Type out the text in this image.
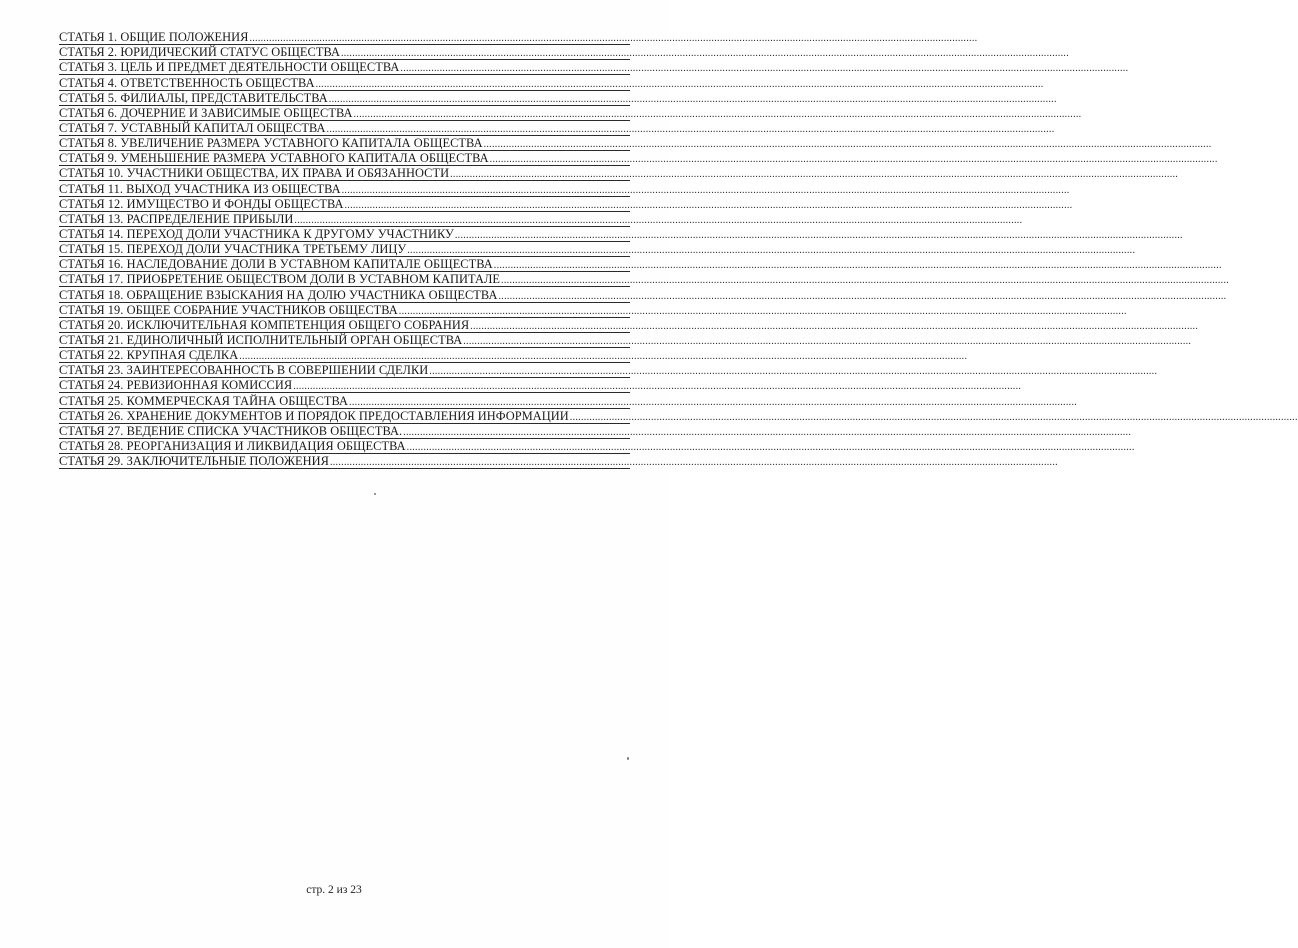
СТАТЬЯ 1. ОБЩИЕ ПОЛОЖЕНИЯ ....................................................................................................................................................................................................................................................................
СТАТЬЯ 2. ЮРИДИЧЕСКИЙ СТАТУС ОБЩЕСТВА ....................................................................................................................................................................................................................................................................
СТАТЬЯ 3. ЦЕЛЬ И ПРЕДМЕТ ДЕЯТЕЛЬНОСТИ ОБЩЕСТВА ....................................................................................................................................................................................................................................................................
СТАТЬЯ 4. ОТВЕТСТВЕННОСТЬ ОБЩЕСТВА ....................................................................................................................................................................................................................................................................
СТАТЬЯ 5. ФИЛИАЛЫ, ПРЕДСТАВИТЕЛЬСТВА ....................................................................................................................................................................................................................................................................
СТАТЬЯ 6. ДОЧЕРНИЕ И ЗАВИСИМЫЕ ОБЩЕСТВА ....................................................................................................................................................................................................................................................................
СТАТЬЯ 7. УСТАВНЫЙ КАПИТАЛ ОБЩЕСТВА ....................................................................................................................................................................................................................................................................
СТАТЬЯ 8. УВЕЛИЧЕНИЕ РАЗМЕРА УСТАВНОГО КАПИТАЛА ОБЩЕСТВА ....................................................................................................................................................................................................................................................................
СТАТЬЯ 9. УМЕНЬШЕНИЕ РАЗМЕРА УСТАВНОГО КАПИТАЛА ОБЩЕСТВА ....................................................................................................................................................................................................................................................................
СТАТЬЯ 10. УЧАСТНИКИ ОБЩЕСТВА, ИХ ПРАВА И ОБЯЗАННОСТИ ....................................................................................................................................................................................................................................................................
СТАТЬЯ 11. ВЫХОД УЧАСТНИКА ИЗ ОБЩЕСТВА ....................................................................................................................................................................................................................................................................
СТАТЬЯ 12. ИМУЩЕСТВО И ФОНДЫ ОБЩЕСТВА ....................................................................................................................................................................................................................................................................
СТАТЬЯ 13. РАСПРЕДЕЛЕНИЕ ПРИБЫЛИ ....................................................................................................................................................................................................................................................................
СТАТЬЯ 14. ПЕРЕХОД ДОЛИ УЧАСТНИКА К ДРУГОМУ УЧАСТНИКУ ....................................................................................................................................................................................................................................................................
СТАТЬЯ 15. ПЕРЕХОД ДОЛИ УЧАСТНИКА ТРЕТЬЕМУ ЛИЦУ ....................................................................................................................................................................................................................................................................
СТАТЬЯ 16. НАСЛЕДОВАНИЕ ДОЛИ В УСТАВНОМ КАПИТАЛЕ ОБЩЕСТВА ....................................................................................................................................................................................................................................................................
СТАТЬЯ 17. ПРИОБРЕТЕНИЕ ОБЩЕСТВОМ ДОЛИ В УСТАВНОМ КАПИТАЛЕ ....................................................................................................................................................................................................................................................................
СТАТЬЯ 18. ОБРАЩЕНИЕ ВЗЫСКАНИЯ НА ДОЛЮ УЧАСТНИКА ОБЩЕСТВА ....................................................................................................................................................................................................................................................................
СТАТЬЯ 19. ОБЩЕЕ СОБРАНИЕ УЧАСТНИКОВ ОБЩЕСТВА ....................................................................................................................................................................................................................................................................
СТАТЬЯ 20. ИСКЛЮЧИТЕЛЬНАЯ КОМПЕТЕНЦИЯ ОБЩЕГО СОБРАНИЯ ....................................................................................................................................................................................................................................................................
СТАТЬЯ 21. ЕДИНОЛИЧНЫЙ ИСПОЛНИТЕЛЬНЫЙ ОРГАН ОБЩЕСТВА ....................................................................................................................................................................................................................................................................
СТАТЬЯ 22. КРУПНАЯ СДЕЛКА ....................................................................................................................................................................................................................................................................
СТАТЬЯ 23. ЗАИНТЕРЕСОВАННОСТЬ В СОВЕРШЕНИИ СДЕЛКИ ....................................................................................................................................................................................................................................................................
СТАТЬЯ 24. РЕВИЗИОННАЯ КОМИССИЯ ....................................................................................................................................................................................................................................................................
СТАТЬЯ 25. КОММЕРЧЕСКАЯ ТАЙНА ОБЩЕСТВА ....................................................................................................................................................................................................................................................................
СТАТЬЯ 26. ХРАНЕНИЕ ДОКУМЕНТОВ И ПОРЯДОК ПРЕДОСТАВЛЕНИЯ ИНФОРМАЦИИ ....................................................................................................................................................................................................................................................................
СТАТЬЯ 27. ВЕДЕНИЕ СПИСКА УЧАСТНИКОВ ОБЩЕСТВА. ....................................................................................................................................................................................................................................................................
СТАТЬЯ 28. РЕОРГАНИЗАЦИЯ И ЛИКВИДАЦИЯ ОБЩЕСТВА ....................................................................................................................................................................................................................................................................
СТАТЬЯ 29. ЗАКЛЮЧИТЕЛЬНЫЕ ПОЛОЖЕНИЯ ....................................................................................................................................................................................................................................................................
стр. 2 из 23
